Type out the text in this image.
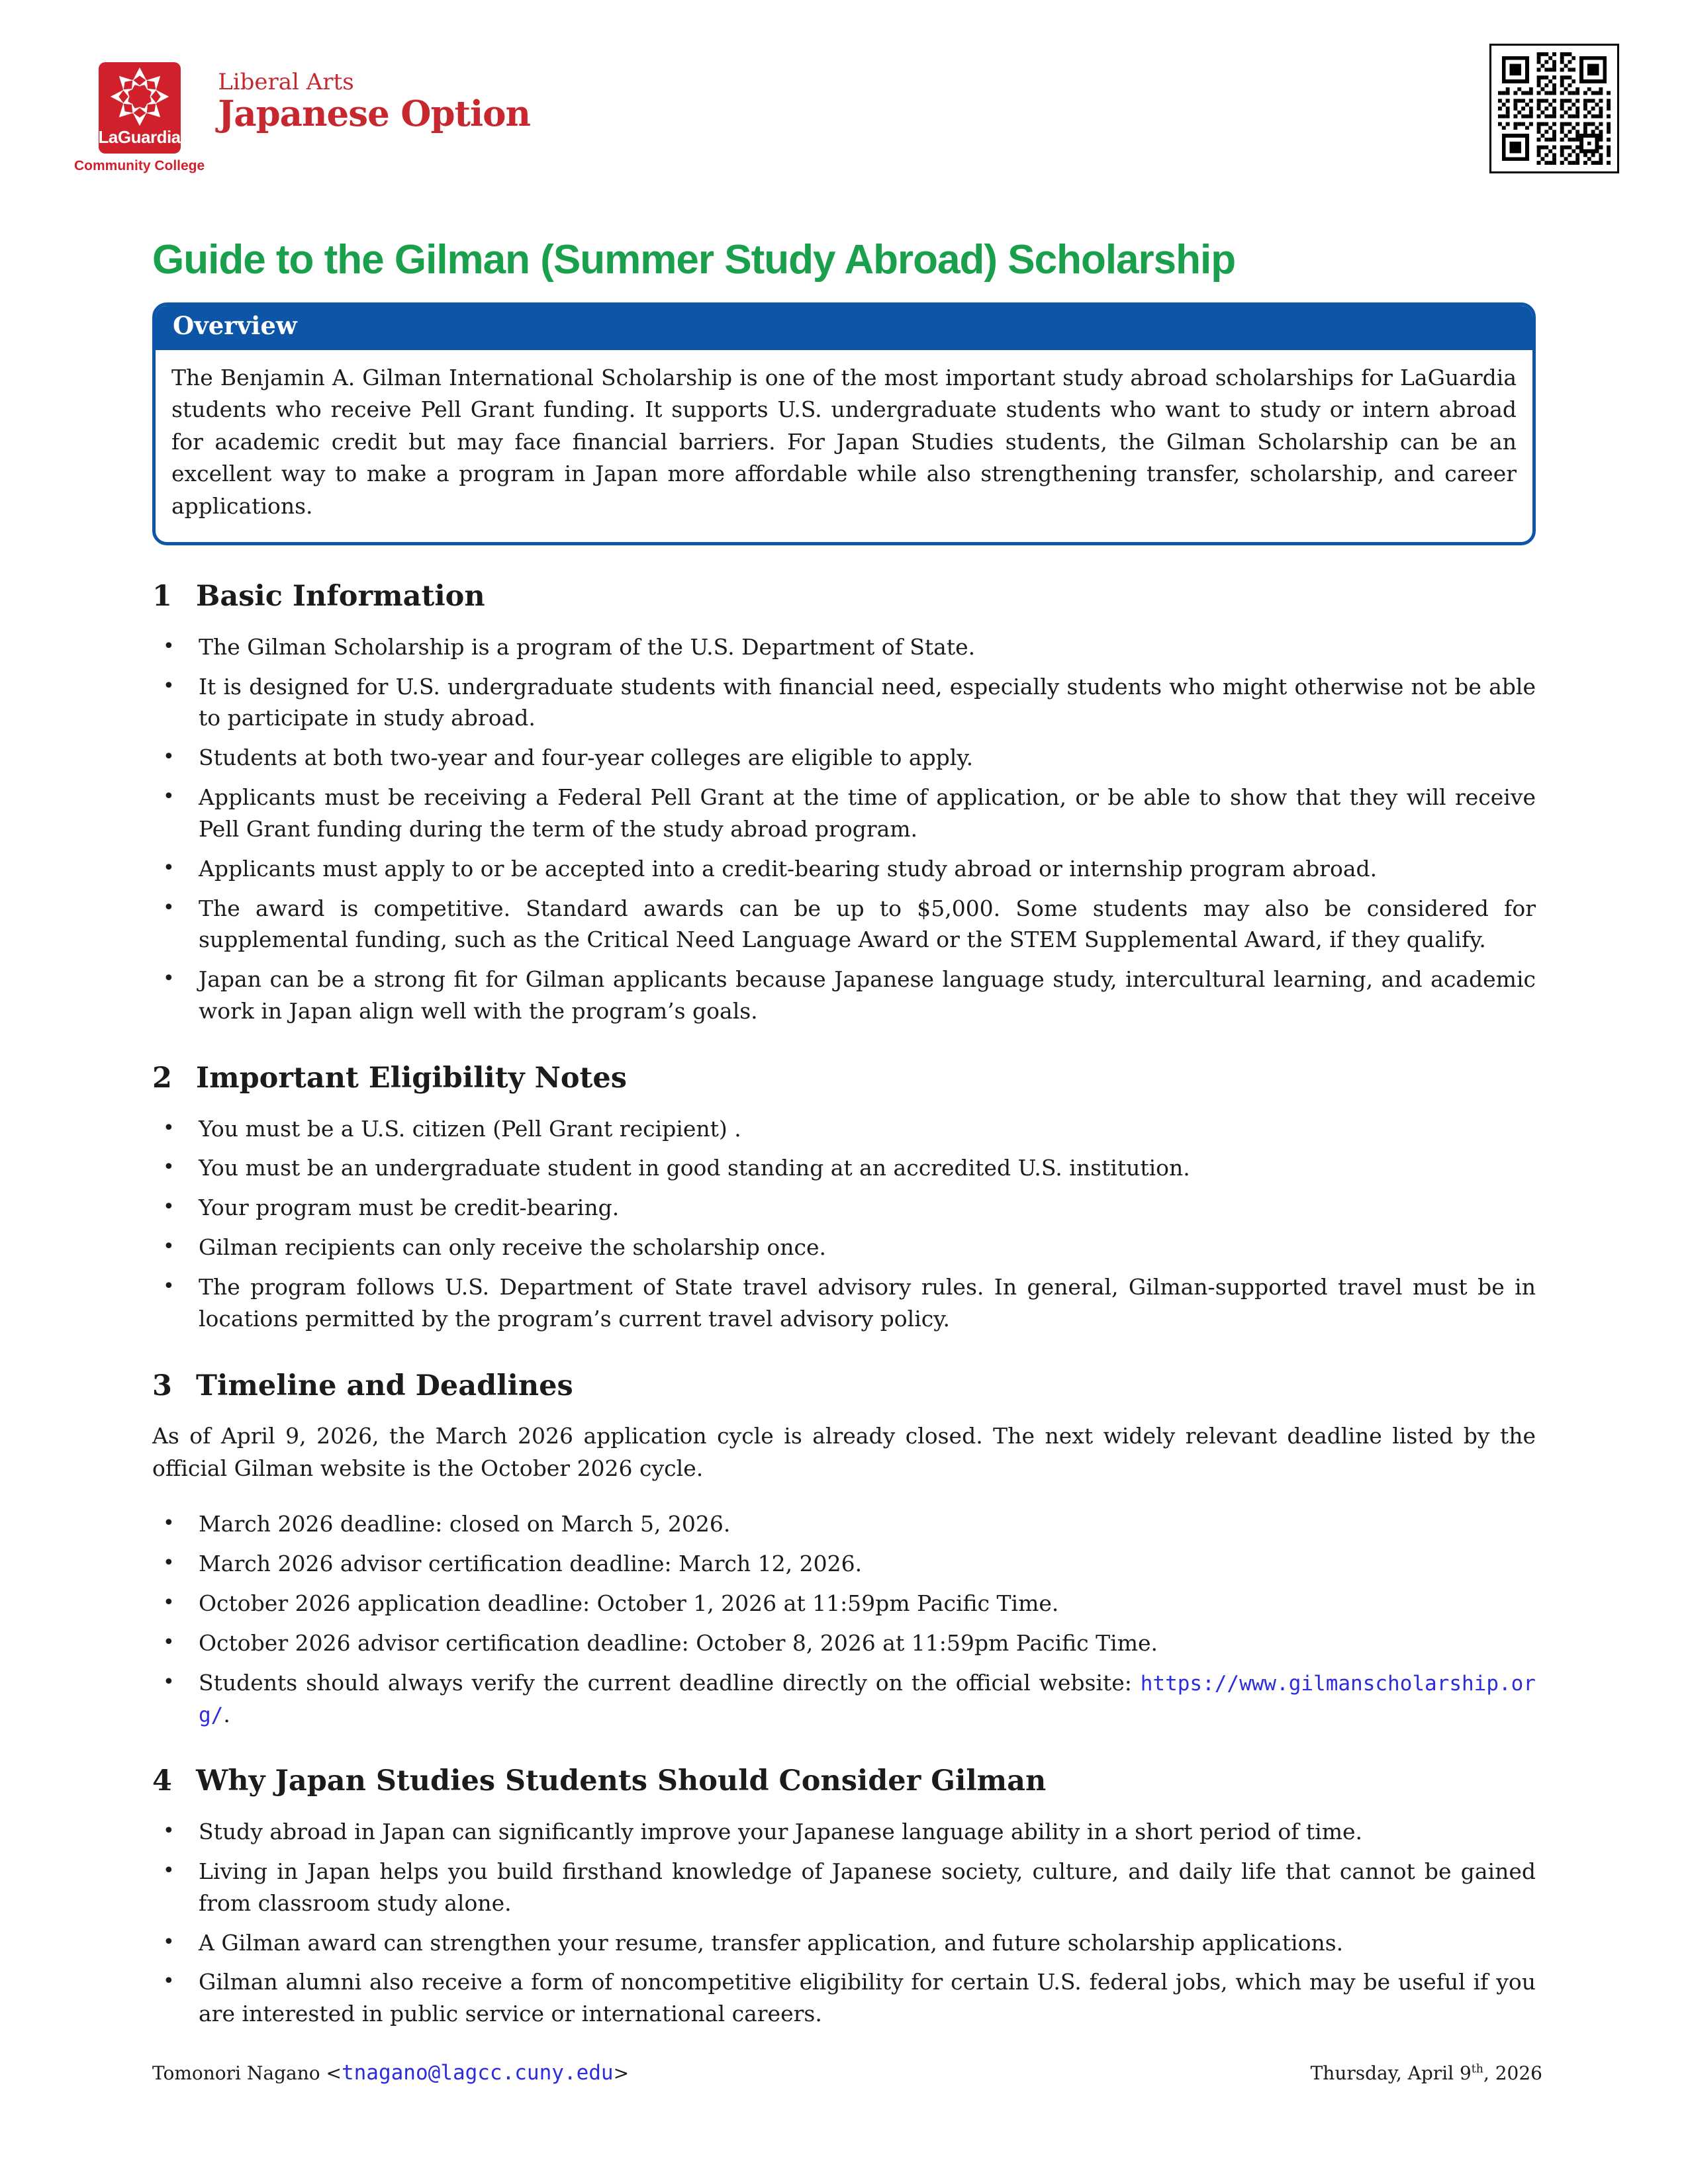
LaGuardia
Community College
Liberal Arts
Japanese Option
Guide to the Gilman (Summer Study Abroad) Scholarship
Overview
The Benjamin A. Gilman International Scholarship is one of the most important study abroad scholarships for LaGuardia students who receive Pell Grant funding. It supports U.S. undergraduate students who want to study or intern abroad for academic credit but may face financial barriers. For Japan Studies students, the Gilman Scholarship can be an excellent way to make a program in Japan more affordable while also strengthening transfer, scholarship, and career applications.
1 Basic Information
• The Gilman Scholarship is a program of the U.S. Department of State.
• It is designed for U.S. undergraduate students with financial need, especially students who might otherwise not be able to participate in study abroad.
• Students at both two-year and four-year colleges are eligible to apply.
• Applicants must be receiving a Federal Pell Grant at the time of application, or be able to show that they will receive Pell Grant funding during the term of the study abroad program.
• Applicants must apply to or be accepted into a credit-bearing study abroad or internship program abroad.
• The award is competitive. Standard awards can be up to $5,000. Some students may also be considered for supplemental funding, such as the Critical Need Language Award or the STEM Supplemental Award, if they qualify.
• Japan can be a strong fit for Gilman applicants because Japanese language study, intercultural learning, and academic work in Japan align well with the program’s goals.
2 Important Eligibility Notes
• You must be a U.S. citizen (Pell Grant recipient) .
• You must be an undergraduate student in good standing at an accredited U.S. institution.
• Your program must be credit-bearing.
• Gilman recipients can only receive the scholarship once.
• The program follows U.S. Department of State travel advisory rules. In general, Gilman-supported travel must be in locations permitted by the program’s current travel advisory policy.
3 Timeline and Deadlines

As of April 9, 2026, the March 2026 application cycle is already closed. The next widely relevant deadline listed by the official Gilman website is the October 2026 cycle.

• March 2026 deadline: closed on March 5, 2026.
• March 2026 advisor certification deadline: March 12, 2026.
• October 2026 application deadline: October 1, 2026 at 11:59pm Pacific Time.
• October 2026 advisor certification deadline: October 8, 2026 at 11:59pm Pacific Time.
• Students should always verify the current deadline directly on the official website: https://www.gilmanscholarship.org/.
4 Why Japan Studies Students Should Consider Gilman
• Study abroad in Japan can significantly improve your Japanese language ability in a short period of time.
• Living in Japan helps you build firsthand knowledge of Japanese society, culture, and daily life that cannot be gained from classroom study alone.
• A Gilman award can strengthen your resume, transfer application, and future scholarship applications.
• Gilman alumni also receive a form of noncompetitive eligibility for certain U.S. federal jobs, which may be useful if you are interested in public service or international careers.
Tomonori Nagano <tnagano@lagcc.cuny.edu>	Thursday, April 9th, 2026
